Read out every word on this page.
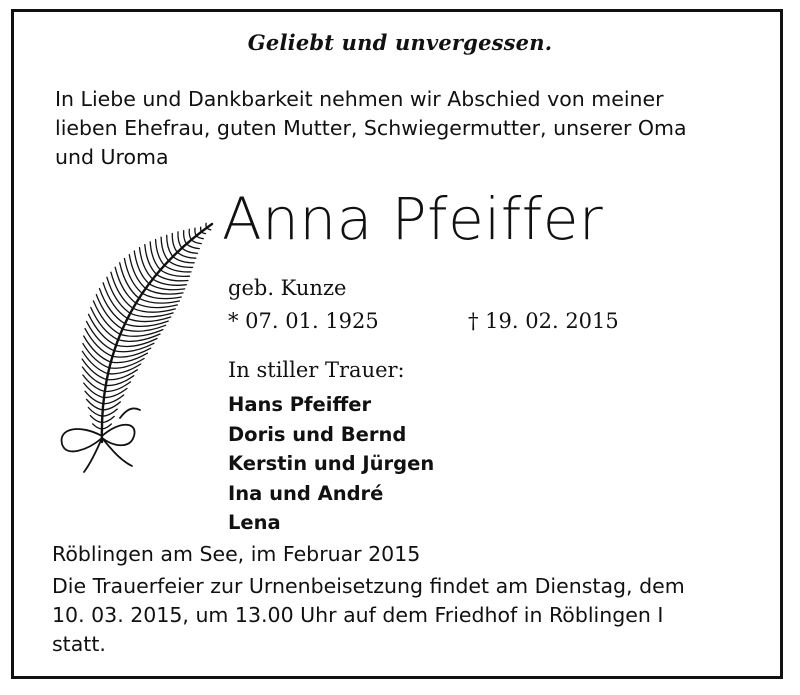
Geliebt und unvergessen.

In Liebe und Dankbarkeit nehmen wir Abschied von meiner
lieben Ehefrau, guten Mutter, Schwiegermutter, unserer Oma
und Uroma

Anna Pfeiffer
geb. Kunze
* 07. 01. 1925	† 19. 02. 2015
In stiller Trauer:
Hans Pfeiffer
Doris und Bernd
Kerstin und Jürgen
Ina und André
Lena
Röblingen am See, im Februar 2015
Die Trauerfeier zur Urnenbeisetzung findet am Dienstag, dem
10. 03. 2015, um 13.00 Uhr auf dem Friedhof in Röblingen I
statt.
